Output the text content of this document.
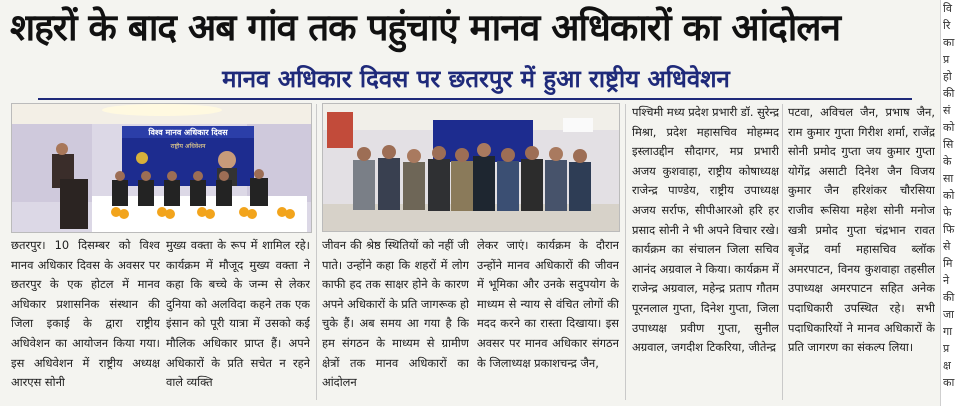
शहरों के बाद अब गांव तक पहुंचाएं मानव अधिकारों का आंदोलन
मानव अधिकार दिवस पर छतरपुर में हुआ राष्ट्रीय अधिवेशन
विश्व मानव अधिकार दिवस
राष्ट्रीय अधिवेशन
छतरपुर। 10 दिसम्बर को विश्व मानव अधिकार दिवस के अवसर पर छतरपुर के एक होटल में मानव अधिकार प्रशासनिक संस्थान की जिला इकाई के द्वारा राष्ट्रीय अधिवेशन का आयोजन किया गया। इस अधिवेशन में राष्ट्रीय अध्यक्ष आरएस सोनी
मुख्य वक्ता के रूप में शामिल रहे। कार्यक्रम में मौजूद मुख्य वक्ता ने कहा कि बच्चे के जन्म से लेकर दुनिया को अलविदा कहने तक एक इंसान को पूरी यात्रा में उसको कई मौलिक अधिकार प्राप्त हैं। अपने अधिकारों के प्रति सचेत न रहने वाले व्यक्ति
जीवन की श्रेष्ठ स्थितियों को नहीं जी पाते। उन्होंने कहा कि शहरों में लोग काफी हद तक साक्षर होने के कारण अपने अधिकारों के प्रति जागरूक हो चुके हैं। अब समय आ गया है कि हम संगठन के माध्यम से ग्रामीण क्षेत्रों तक मानव अधिकारों का आंदोलन
लेकर जाएं। कार्यक्रम के दौरान उन्होंने मानव अधिकारों की जीवन में भूमिका और उनके सदुपयोग के माध्यम से न्याय से वंचित लोगों की मदद करने का रास्ता दिखाया। इस अवसर पर मानव अधिकार संगठन के जिलाध्यक्ष प्रकाशचन्द्र जैन,
पश्चिमी मध्य प्रदेश प्रभारी डॉ. सुरेन्द्र मिश्रा, प्रदेश महासचिव मोहम्मद इस्लाउद्दीन सौदागर, मप्र प्रभारी अजय कुशवाहा, राष्ट्रीय कोषाध्यक्ष राजेन्द्र पाण्डेय, राष्ट्रीय उपाध्यक्ष अजय सर्राफ, सीपीआरओ हरि हर प्रसाद सोनी ने भी अपने विचार रखे। कार्यक्रम का संचालन जिला सचिव आनंद अग्रवाल ने किया। कार्यक्रम में राजेन्द्र अग्रवाल, महेन्द्र प्रताप गौतम पूरनलाल गुप्ता, दिनेश गुप्ता, जिला उपाध्यक्ष प्रवीण गुप्ता, सुनील अग्रवाल, जगदीश टिकरिया, जीतेन्द्र
पटवा, अविचल जैन, प्रभाष जैन, राम कुमार गुप्ता गिरीश शर्मा, राजेंद्र सोनी प्रमोद गुप्ता जय कुमार गुप्ता योगेंद्र असाटी दिनेश जैन विजय कुमार जैन हरिशंकर चौरसिया राजीव रूसिया महेश सोनी मनोज खत्री प्रमोद गुप्ता चंद्रभान रावत बृजेंद्र वर्मा महासचिव ब्लॉक अमरपाटन, विनय कुशवाहा तहसील उपाध्यक्ष अमरपाटन सहित अनेक पदाधिकारी उपस्थित रहे। सभी पदाधिकारियों ने मानव अधिकारों के प्रति जागरण का संकल्प लिया।
वि
रि
का
प्र
हो
की
सं
को
सि
के
सा
को
फे
फि
से
मि
ने
की
जा
गा
प्र
क्ष
का
